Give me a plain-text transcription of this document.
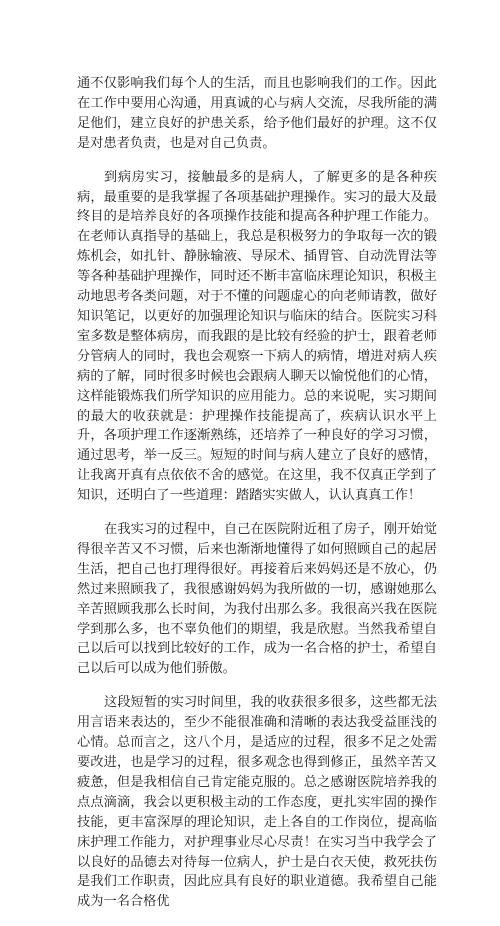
通不仅影响我们每个人的生活，而且也影响我们的工作。因此在工作中要用心沟通，用真诚的心与病人交流，尽我所能的满足他们，建立良好的护患关系，给予他们最好的护理。这不仅是对患者负责，也是对自己负责。

到病房实习，接触最多的是病人，了解更多的是各种疾病，最重要的是我掌握了各项基础护理操作。实习的最大及最终目的是培养良好的各项操作技能和提高各种护理工作能力。在老师认真指导的基础上，我总是积极努力的争取每一次的锻炼机会，如扎针、静脉输液、导尿术、插胃管、自动洗胃法等等各种基础护理操作，同时还不断丰富临床理论知识，积极主动地思考各类问题，对于不懂的问题虚心的向老师请教，做好知识笔记，以更好的加强理论知识与临床的结合。医院实习科室多数是整体病房，而我跟的是比较有经验的护士，跟着老师分管病人的同时，我也会观察一下病人的病情，增进对病人疾病的了解，同时很多时候也会跟病人聊天以愉悦他们的心情，这样能锻炼我们所学知识的应用能力。总的来说呢，实习期间的最大的收获就是：护理操作技能提高了，疾病认识水平上升，各项护理工作逐渐熟练，还培养了一种良好的学习习惯，通过思考，举一反三。短短的时间与病人建立了良好的感情，让我离开真有点依依不舍的感觉。在这里，我不仅真正学到了知识，还明白了一些道理：踏踏实实做人，认认真真工作！

在我实习的过程中，自己在医院附近租了房子，刚开始觉得很辛苦又不习惯，后来也渐渐地懂得了如何照顾自己的起居生活，把自己也打理得很好。再接着后来妈妈还是不放心，仍然过来照顾我了，我很感谢妈妈为我所做的一切，感谢她那么辛苦照顾我那么长时间，为我付出那么多。我很高兴我在医院学到那么多，也不辜负他们的期望，我是欣慰。当然我希望自己以后可以找到比较好的工作，成为一名合格的护士，希望自己以后可以成为他们骄傲。

这段短暂的实习时间里，我的收获很多很多，这些都无法用言语来表达的，至少不能很准确和清晰的表达我受益匪浅的心情。总而言之，这八个月，是适应的过程，很多不足之处需要改进，也是学习的过程，很多观念也得到修正，虽然辛苦又疲惫，但是我相信自己肯定能克服的。总之感谢医院培养我的点点滴滴，我会以更积极主动的工作态度，更扎实牢固的操作技能，更丰富深厚的理论知识，走上各自的工作岗位，提高临床护理工作能力，对护理事业尽心尽责！在实习当中我学会了以良好的品德去对待每一位病人，护士是白衣天使，救死扶伤是我们工作职责，因此应具有良好的职业道德。我希望自己能成为一名合格优
